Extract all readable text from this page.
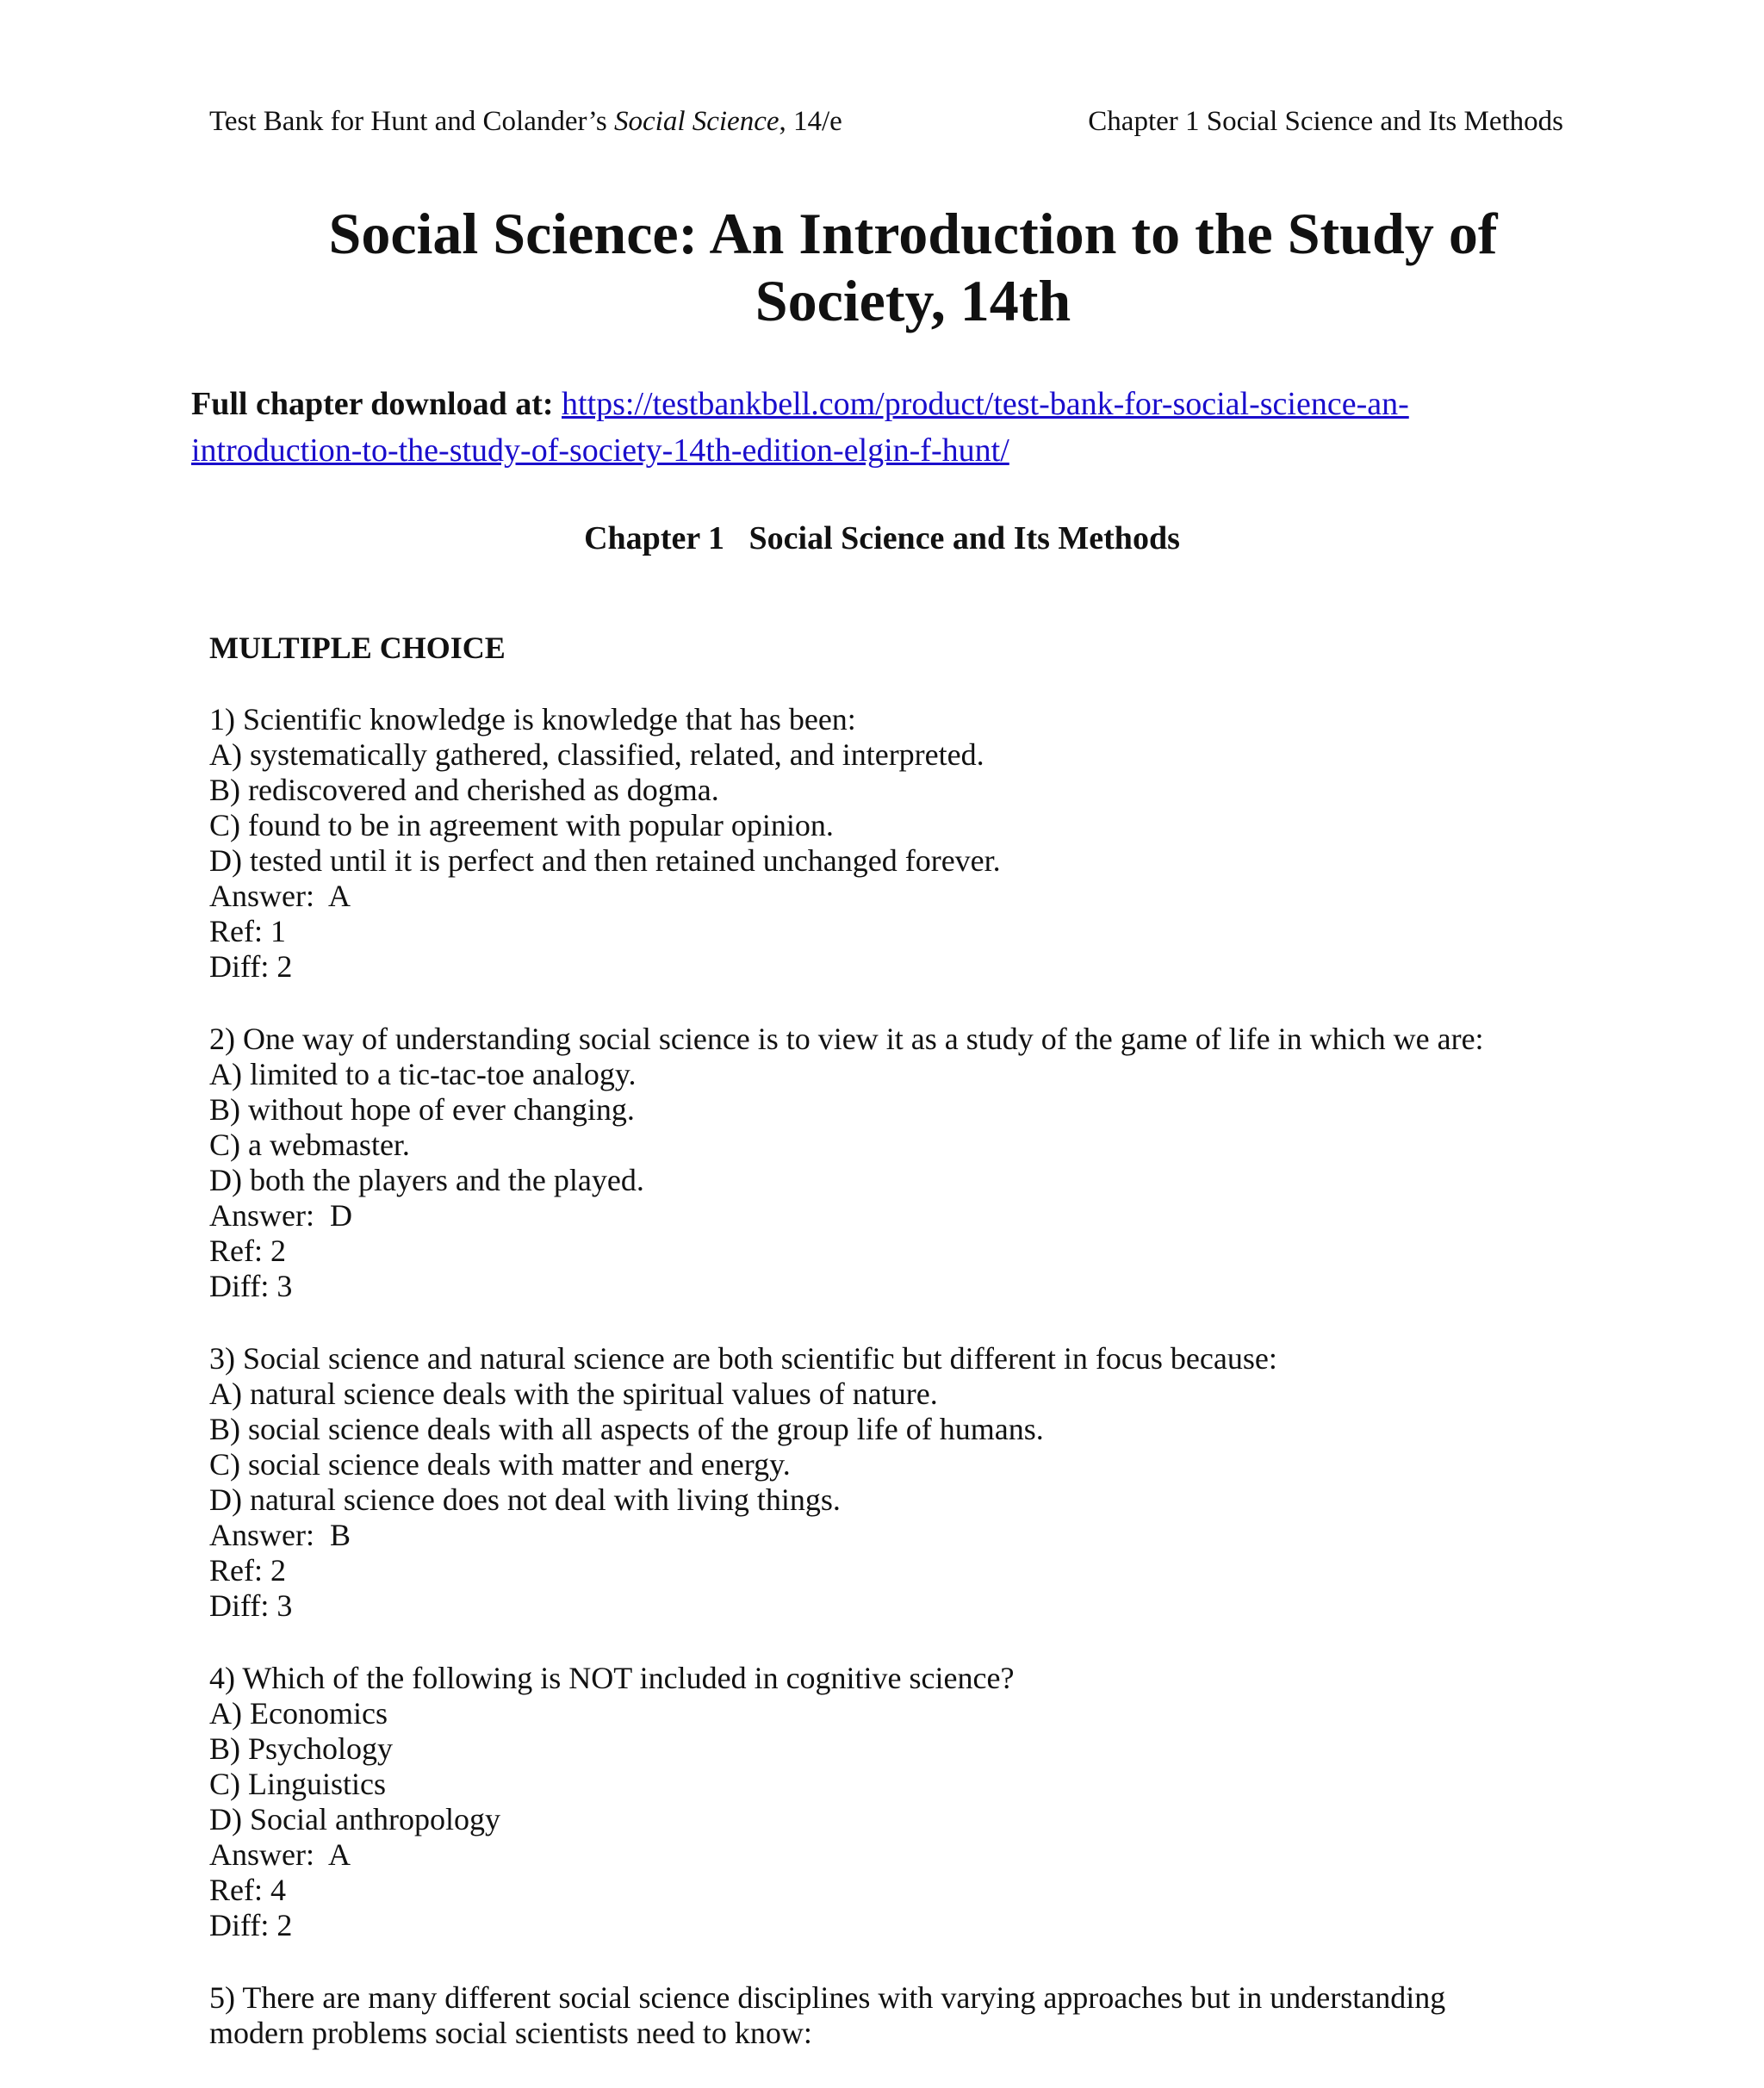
Test Bank for Hunt and Colander’s Social Science, 14/e	Chapter 1 Social Science and Its Methods
Social Science: An Introduction to the Study of
Society, 14th
Full chapter download at: https://testbankbell.com/product/test-bank-for-social-science-an-
introduction-to-the-study-of-society-14th-edition-elgin-f-hunt/
Chapter 1   Social Science and Its Methods
MULTIPLE CHOICE
1) Scientific knowledge is knowledge that has been:
A) systematically gathered, classified, related, and interpreted.
B) rediscovered and cherished as dogma.
C) found to be in agreement with popular opinion.
D) tested until it is perfect and then retained unchanged forever.
Answer:  A
Ref: 1
Diff: 2
2) One way of understanding social science is to view it as a study of the game of life in which we are:
A) limited to a tic-tac-toe analogy.
B) without hope of ever changing.
C) a webmaster.
D) both the players and the played.
Answer:  D
Ref: 2
Diff: 3
3) Social science and natural science are both scientific but different in focus because:
A) natural science deals with the spiritual values of nature.
B) social science deals with all aspects of the group life of humans.
C) social science deals with matter and energy.
D) natural science does not deal with living things.
Answer:  B
Ref: 2
Diff: 3
4) Which of the following is NOT included in cognitive science?
A) Economics
B) Psychology
C) Linguistics
D) Social anthropology
Answer:  A
Ref: 4
Diff: 2
5) There are many different social science disciplines with varying approaches but in understanding
modern problems social scientists need to know:
